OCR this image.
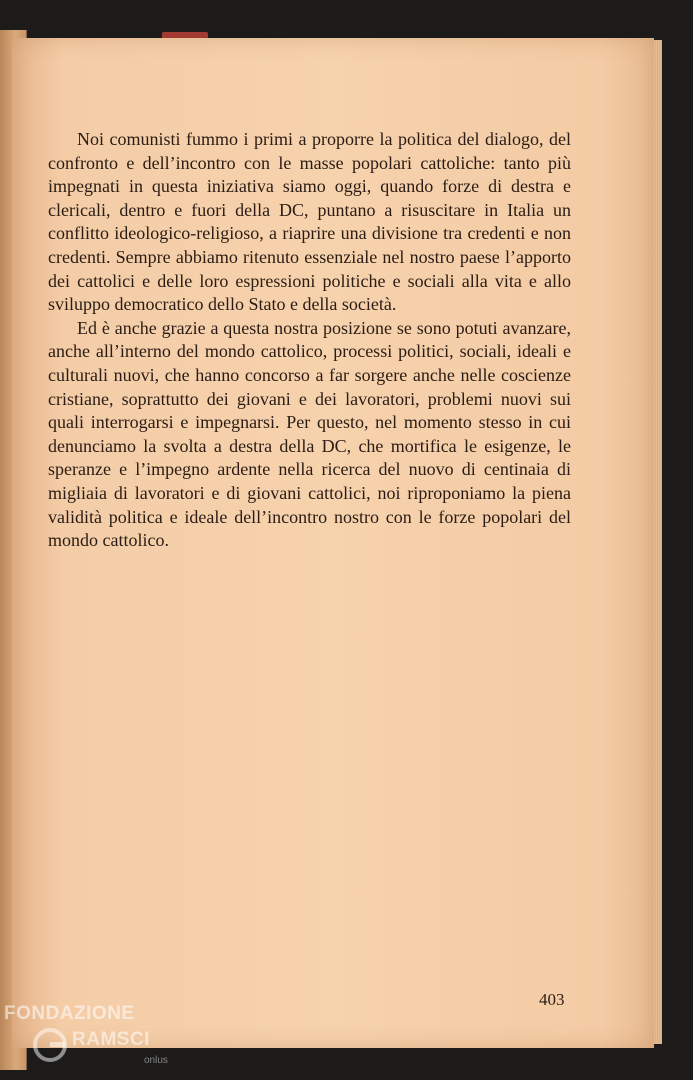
Noi comunisti fummo i primi a proporre la politica del dialogo, del confronto e dell’incontro con le masse popolari cattoliche: tanto più impegnati in questa iniziativa siamo oggi, quando forze di destra e clericali, dentro e fuori della DC, puntano a risuscitare in Italia un conflitto ideologico-religioso, a riaprire una divisione tra credenti e non credenti. Sempre abbiamo ritenuto essenziale nel nostro paese l’apporto dei cattolici e delle loro espressioni politiche e sociali alla vita e allo sviluppo democratico dello Stato e della società.

Ed è anche grazie a questa nostra posizione se sono potuti avanzare, anche all’interno del mondo cattolico, processi politici, sociali, ideali e culturali nuovi, che hanno concorso a far sorgere anche nelle coscienze cristiane, soprattutto dei giovani e dei lavoratori, problemi nuovi sui quali interrogarsi e impegnarsi. Per questo, nel momento stesso in cui denunciamo la svolta a destra della DC, che mortifica le esigenze, le speranze e l’impegno ardente nella ricerca del nuovo di centinaia di migliaia di lavoratori e di giovani cattolici, noi riproponiamo la piena validità politica e ideale dell’incontro nostro con le forze popolari del mondo cattolico.

403
FONDAZIONE
RAMSCI
onlus
